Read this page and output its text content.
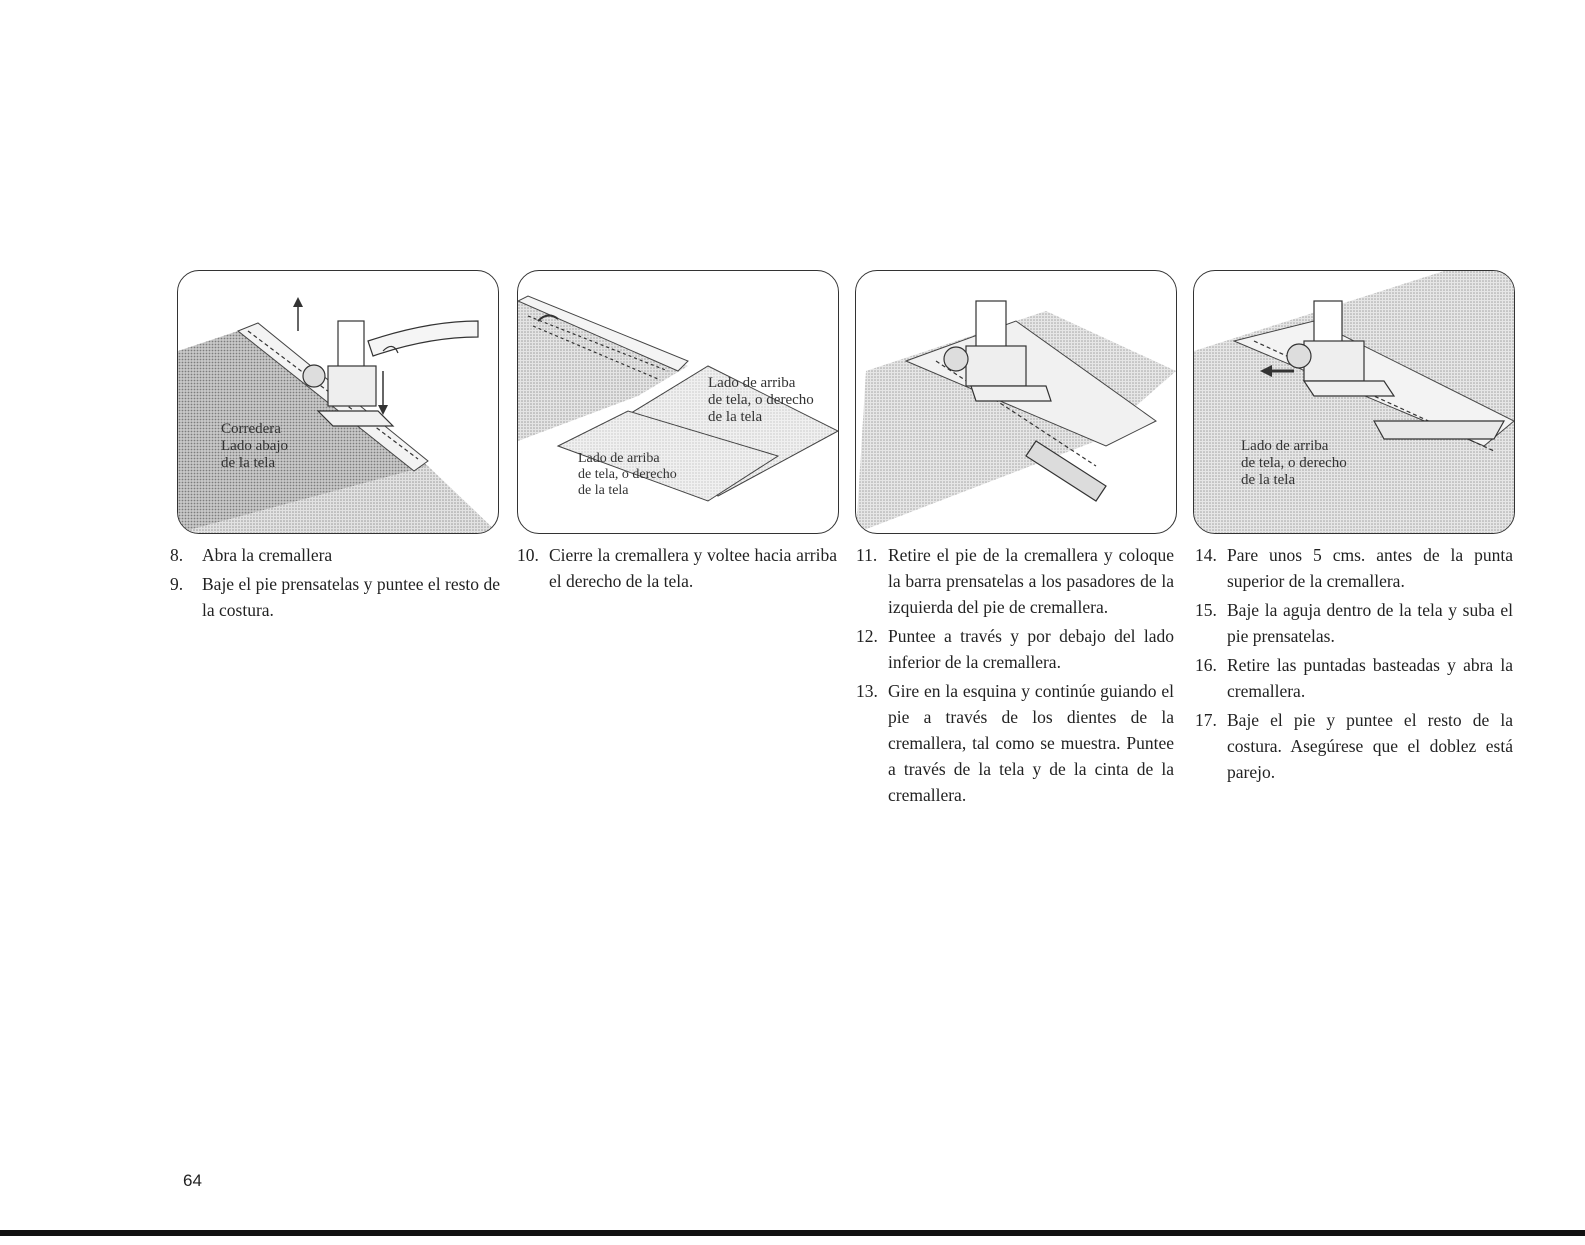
Corredera
Lado abajo
de la tela
Lado de arriba
de tela, o derecho
de la tela
Lado de arriba
de tela, o derecho
de la tela
Lado de arriba
de tela, o derecho
de la tela
8.	Abra la cremallera
9.	Baje el pie prensatelas y puntee el resto de la costura.
10. Cierre la cremallera y voltee hacia arriba el derecho de la tela.
11. Retire el pie de la cremallera y coloque la barra prensatelas a los pasadores de la izquierda del pie de cremallera.
12. Puntee a través y por debajo del lado inferior de la cremallera.
13. Gire en la esquina y continúe guiando el pie a través de los dientes de la cremallera, tal como se muestra. Puntee a través de la tela y de la cinta de la cremallera.
14. Pare unos 5 cms. antes de la punta superior de la cremallera.
15. Baje la aguja dentro de la tela y suba el pie prensatelas.
16. Retire las puntadas basteadas y abra la cremallera.
17. Baje el pie y puntee el resto de la costura. Asegúrese que el doblez está parejo.
64
